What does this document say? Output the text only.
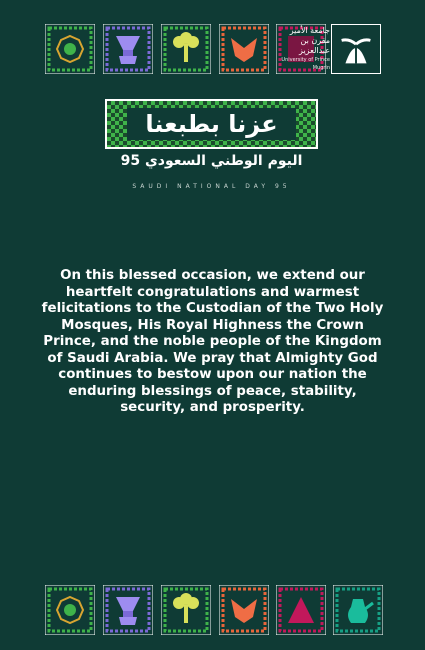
جامعة الأمير مقرن بن عبدالعزيز
University of Prince Mugrin
عزنا بطبعنا
اليوم الوطني السعودي 95
SAUDI NATIONAL DAY 95
On this blessed occasion, we extend our heartfelt congratulations and warmest felicitations to the Custodian of the Two Holy Mosques, His Royal Highness the Crown Prince, and the noble people of the Kingdom of Saudi Arabia. We pray that Almighty God continues to bestow upon our nation the enduring blessings of peace, stability, security, and prosperity.
